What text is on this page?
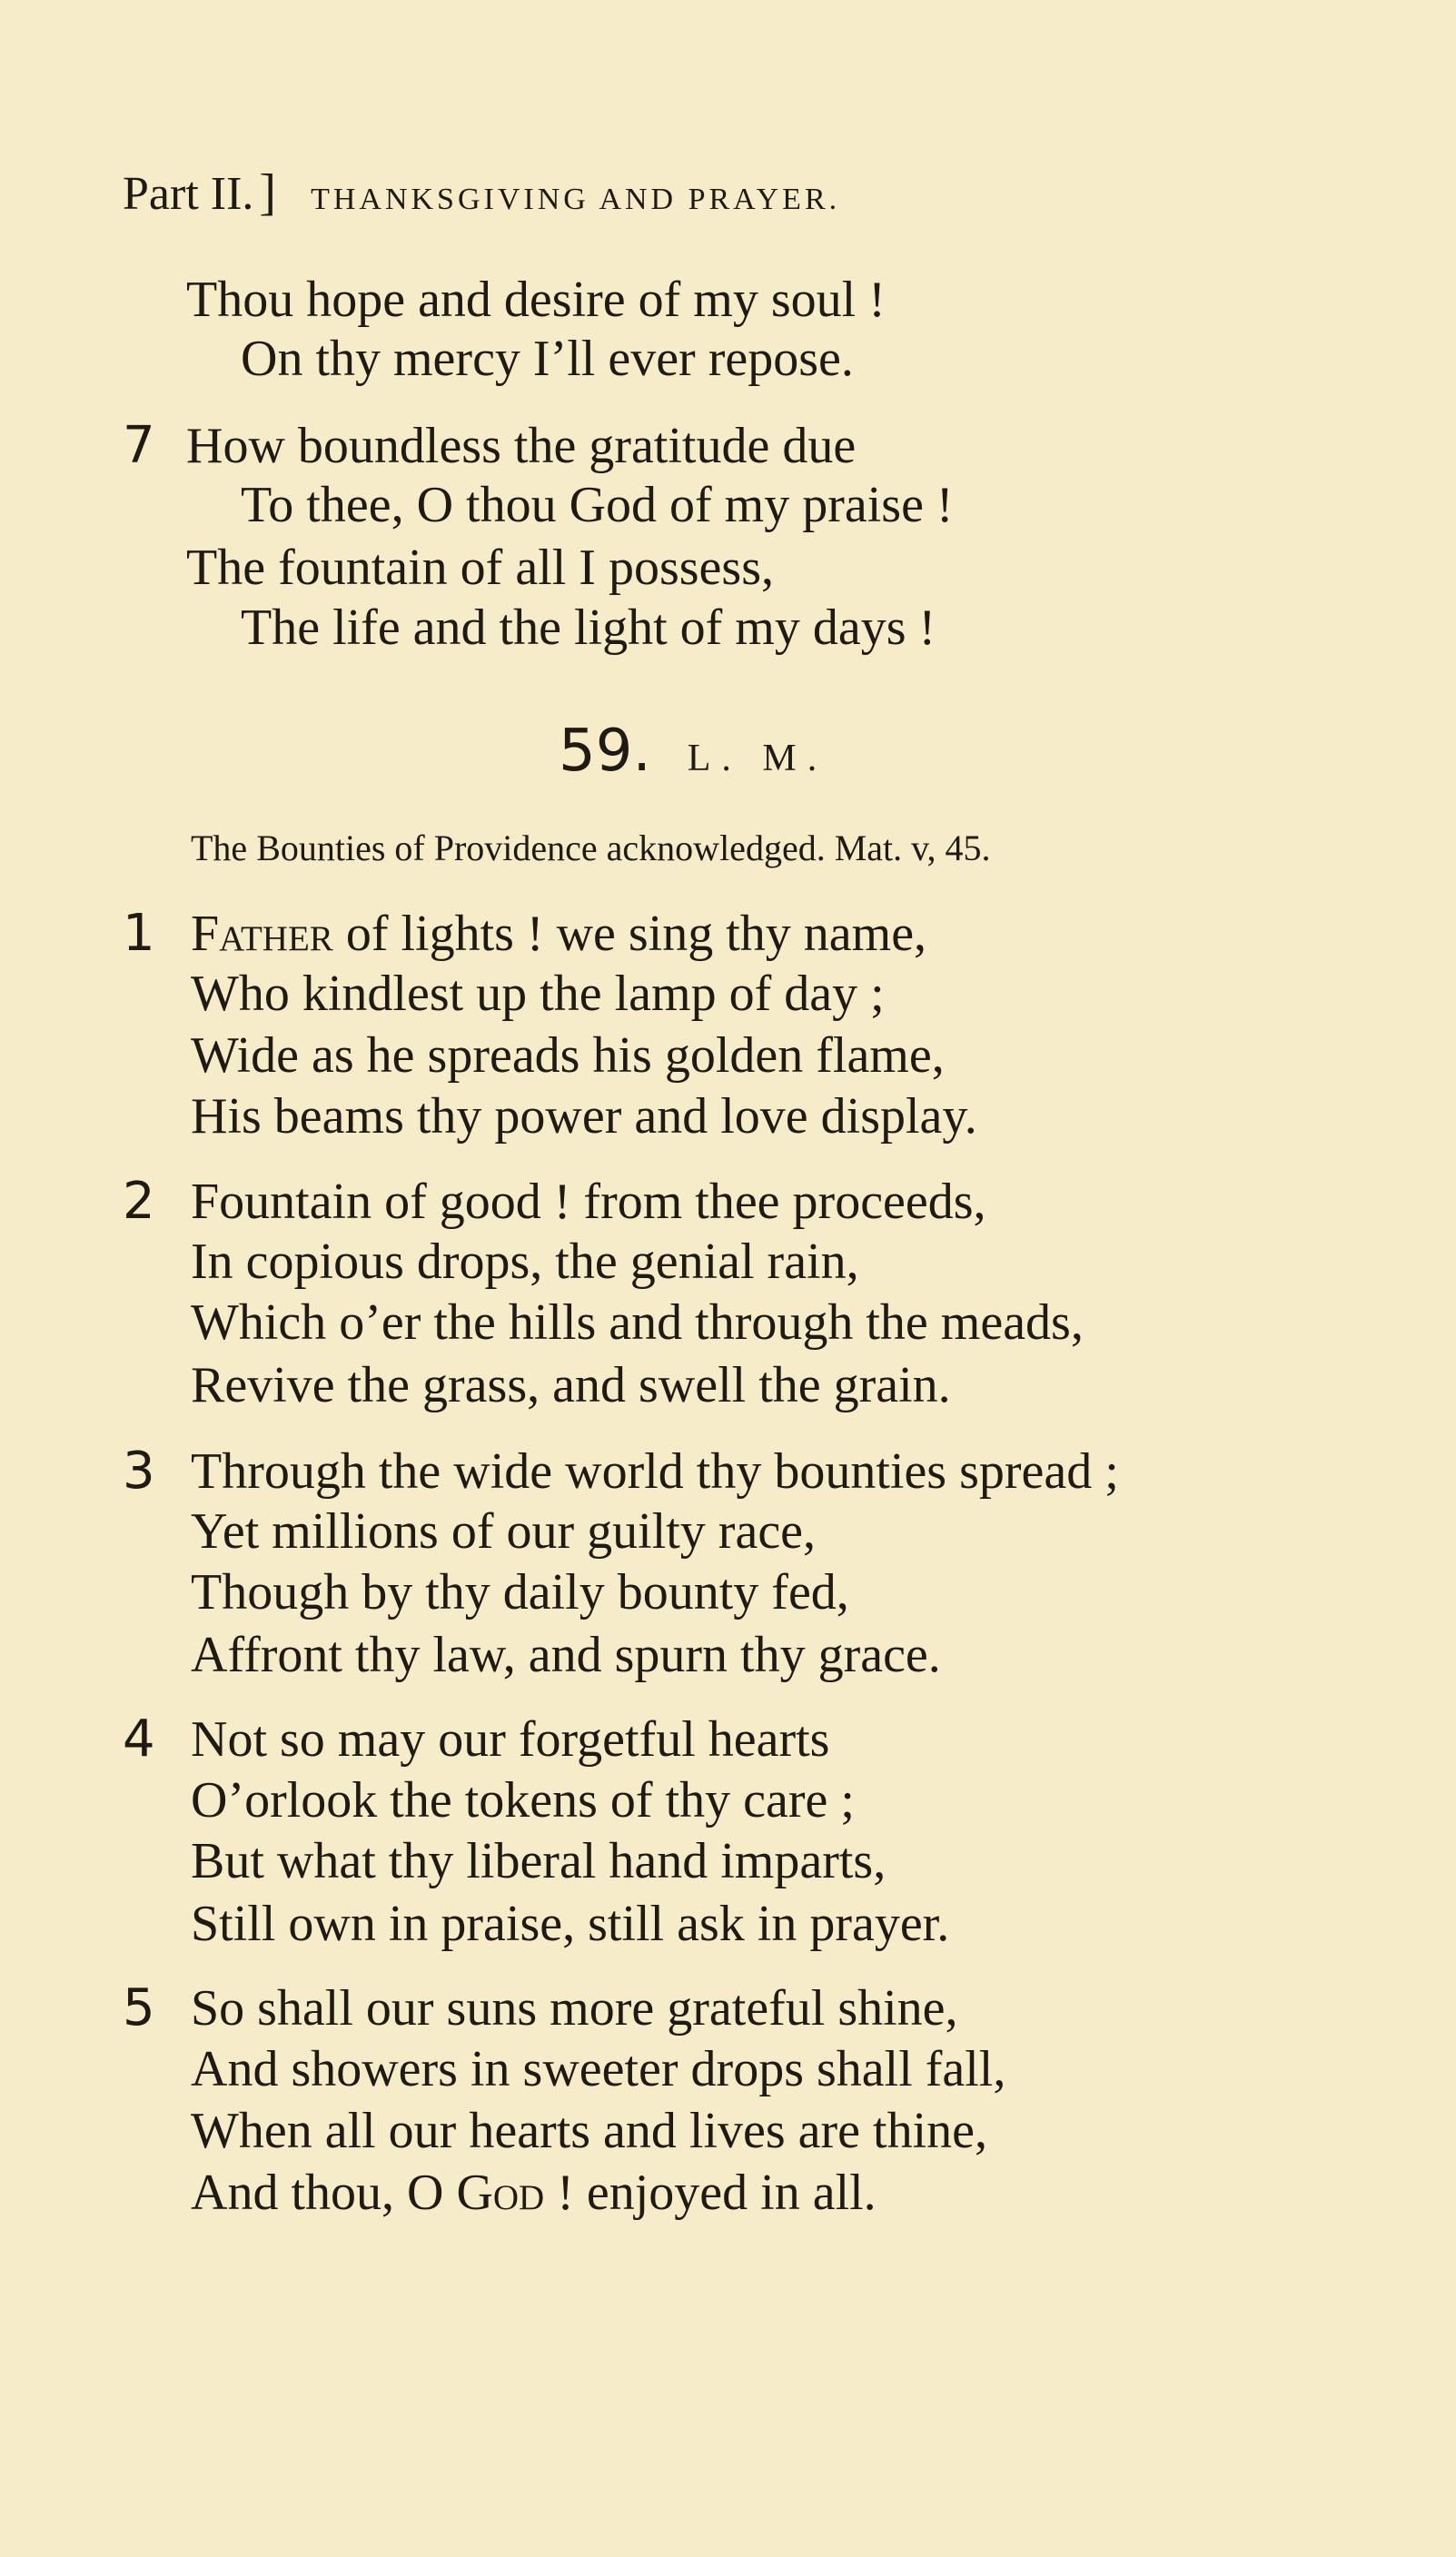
Part II. ] THANKSGIVING AND PRAYER.
Thou hope and desire of my soul !
On thy mercy I’ll ever repose.
7 How boundless the gratitude due
To thee, O thou God of my praise !
The fountain of all I possess,
The life and the light of my days !
59. L. M.
The Bounties of Providence acknowledged. Mat. v, 45.
1 Father of lights ! we sing thy name,
Who kindlest up the lamp of day ;
Wide as he spreads his golden flame,
His beams thy power and love display.
2 Fountain of good ! from thee proceeds,
In copious drops, the genial rain,
Which o’er the hills and through the meads,
Revive the grass, and swell the grain.
3 Through the wide world thy bounties spread ;
Yet millions of our guilty race,
Though by thy daily bounty fed,
Affront thy law, and spurn thy grace.
4 Not so may our forgetful hearts
O’orlook the tokens of thy care ;
But what thy liberal hand imparts,
Still own in praise, still ask in prayer.
5 So shall our suns more grateful shine,
And showers in sweeter drops shall fall,
When all our hearts and lives are thine,
And thou, O God ! enjoyed in all.
